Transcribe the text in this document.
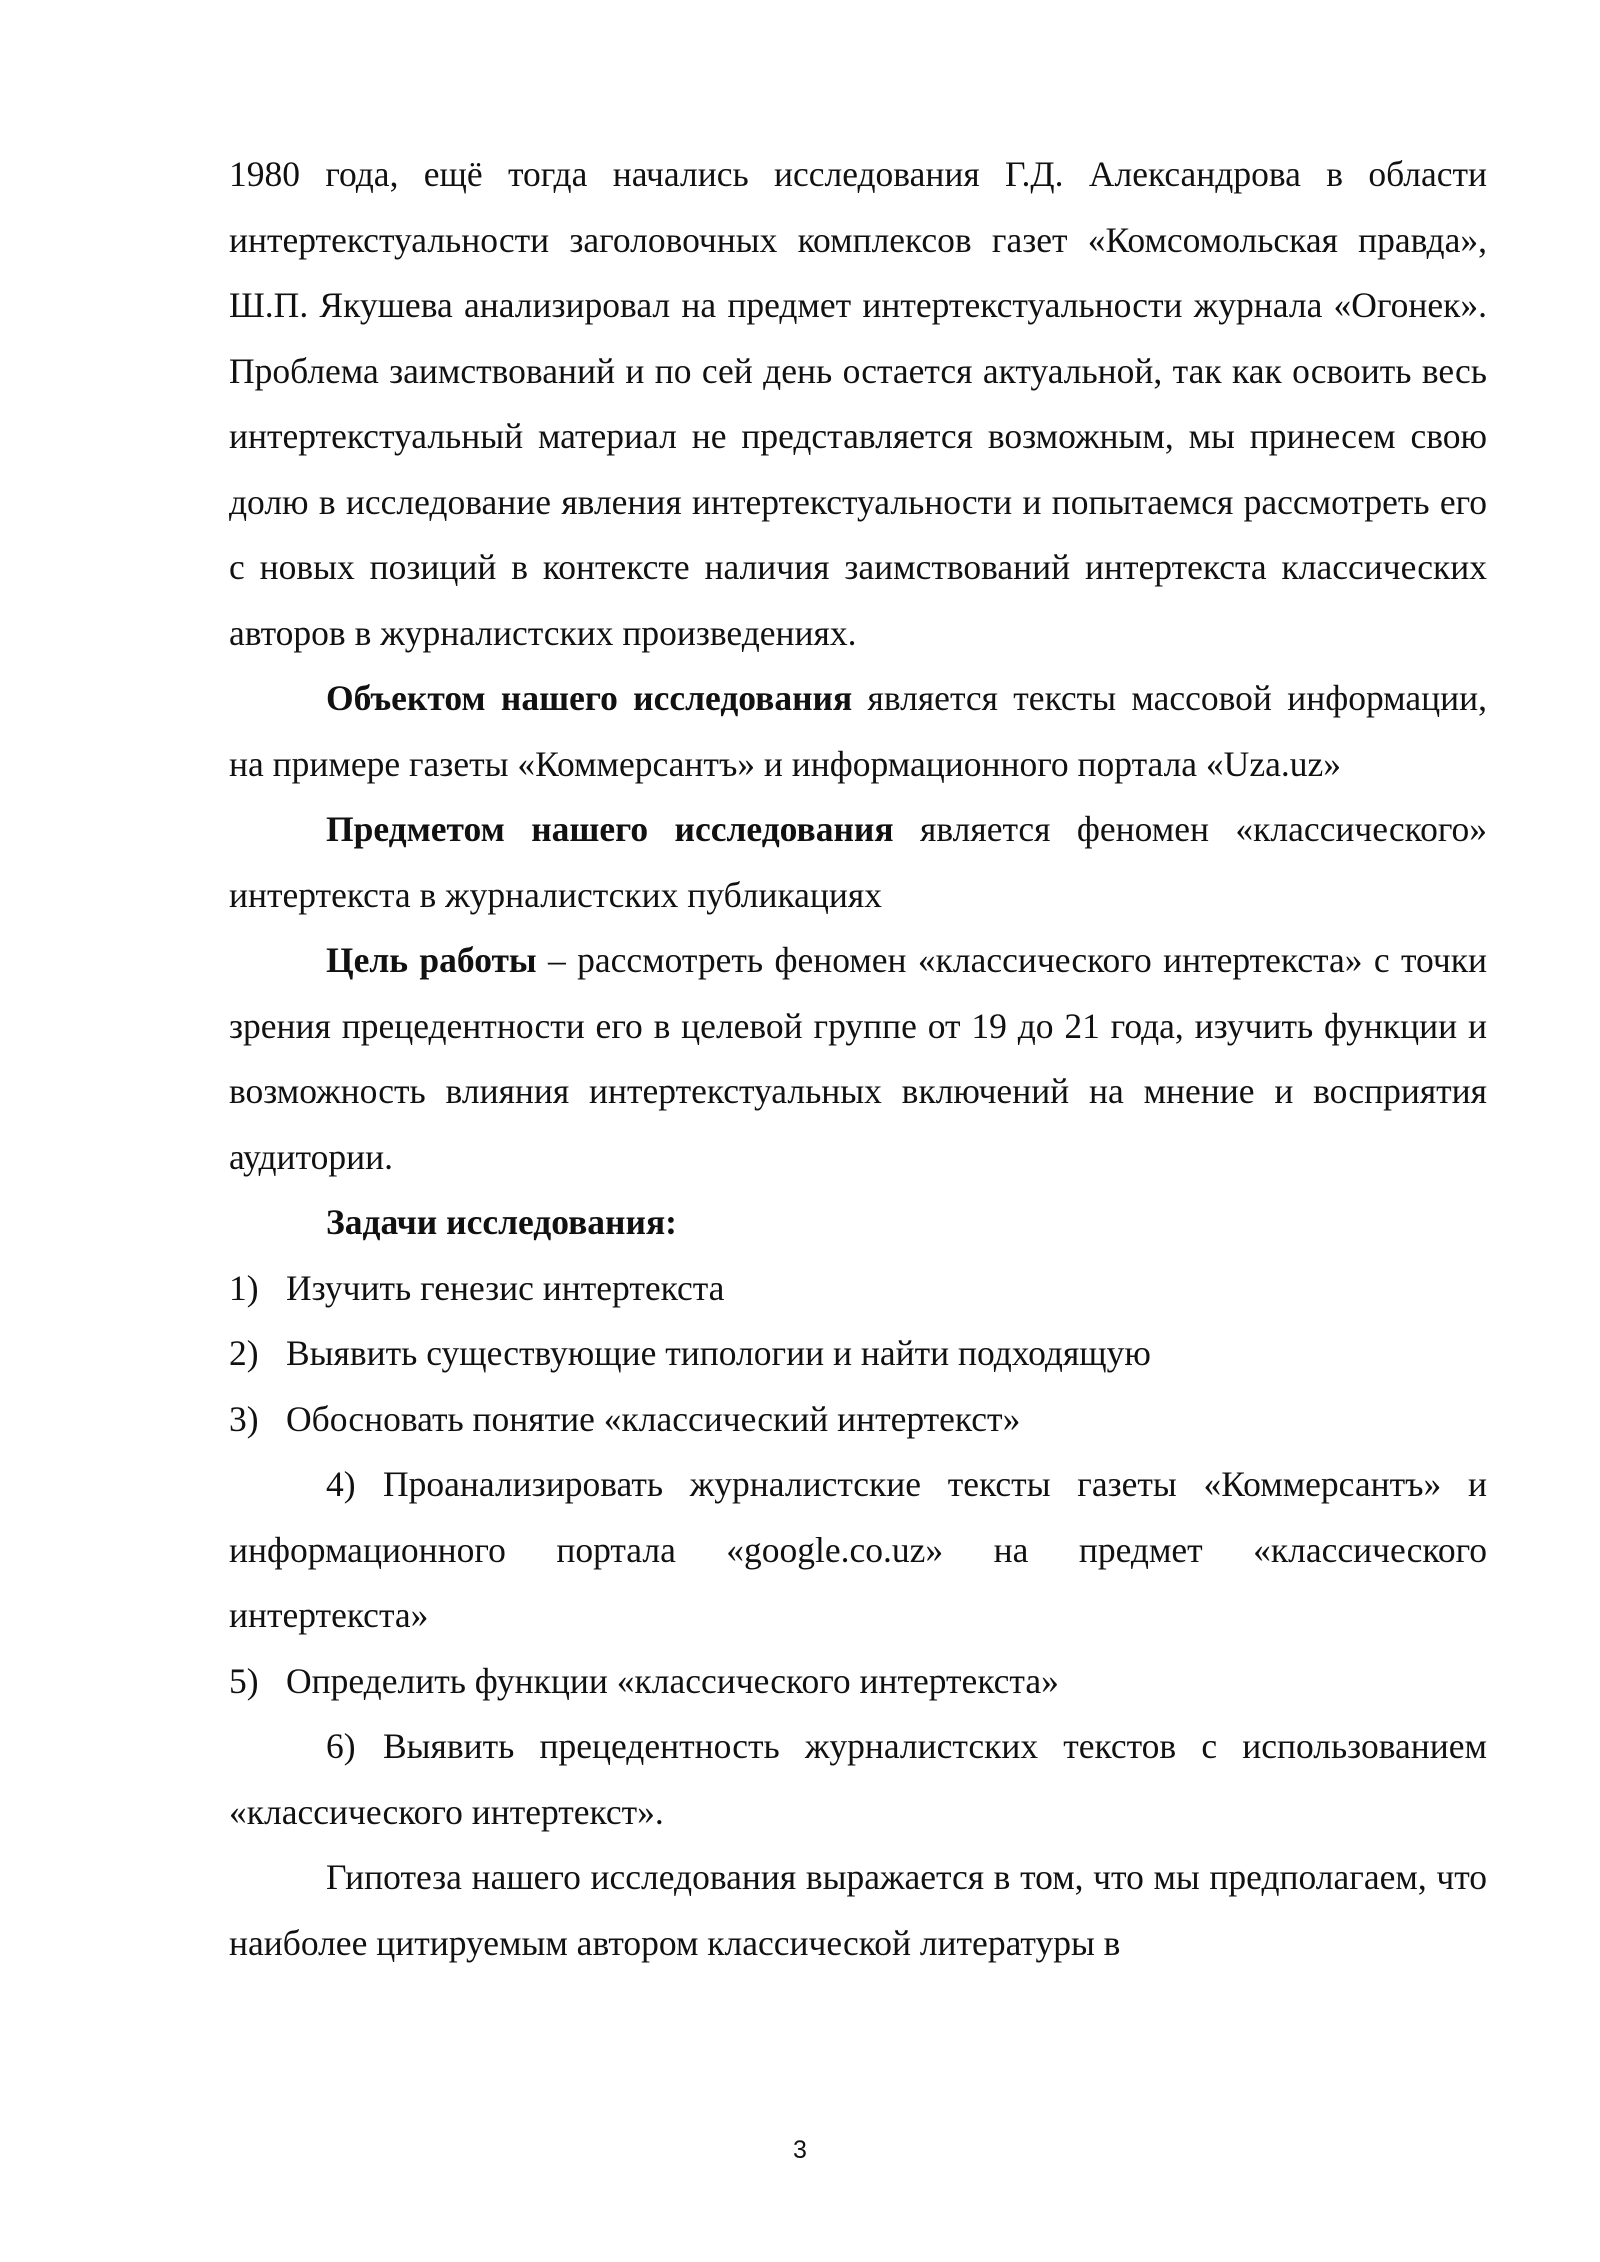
1980 года, ещё тогда начались исследования Г.Д. Александрова в области интертекстуальности заголовочных комплексов газет «Комсомольская правда», Ш.П. Якушева анализировал на предмет интертекстуальности журнала «Огонек». Проблема заимствований и по сей день остается актуальной, так как освоить весь интертекстуальный материал не представляется возможным, мы принесем свою долю в исследование явления интертекстуальности и попытаемся рассмотреть его с новых позиций в контексте наличия заимствований интертекста классических авторов в журналистских произведениях.

Объектом нашего исследования является тексты массовой информации, на примере газеты «Коммерсантъ» и информационного портала «Uza.uz»

Предметом нашего исследования является феномен «классического» интертекста в журналистских публикациях

Цель работы – рассмотреть феномен «классического интертекста» с точки зрения прецедентности его в целевой группе от 19 до 21 года, изучить функции и возможность влияния интертекстуальных включений на мнение и восприятия аудитории.

Задачи исследования:

1) Изучить генезис интертекста

2) Выявить существующие типологии и найти подходящую

3) Обосновать понятие «классический интертекст»

4) Проанализировать журналистские тексты газеты «Коммерсантъ» и информационного портала «google.co.uz» на предмет «классического интертекста»

5) Определить функции «классического интертекста»

6) Выявить прецедентность журналистских текстов с использованием «классического интертекст».

Гипотеза нашего исследования выражается в том, что мы предполагаем, что наиболее цитируемым автором классической литературы в

3
